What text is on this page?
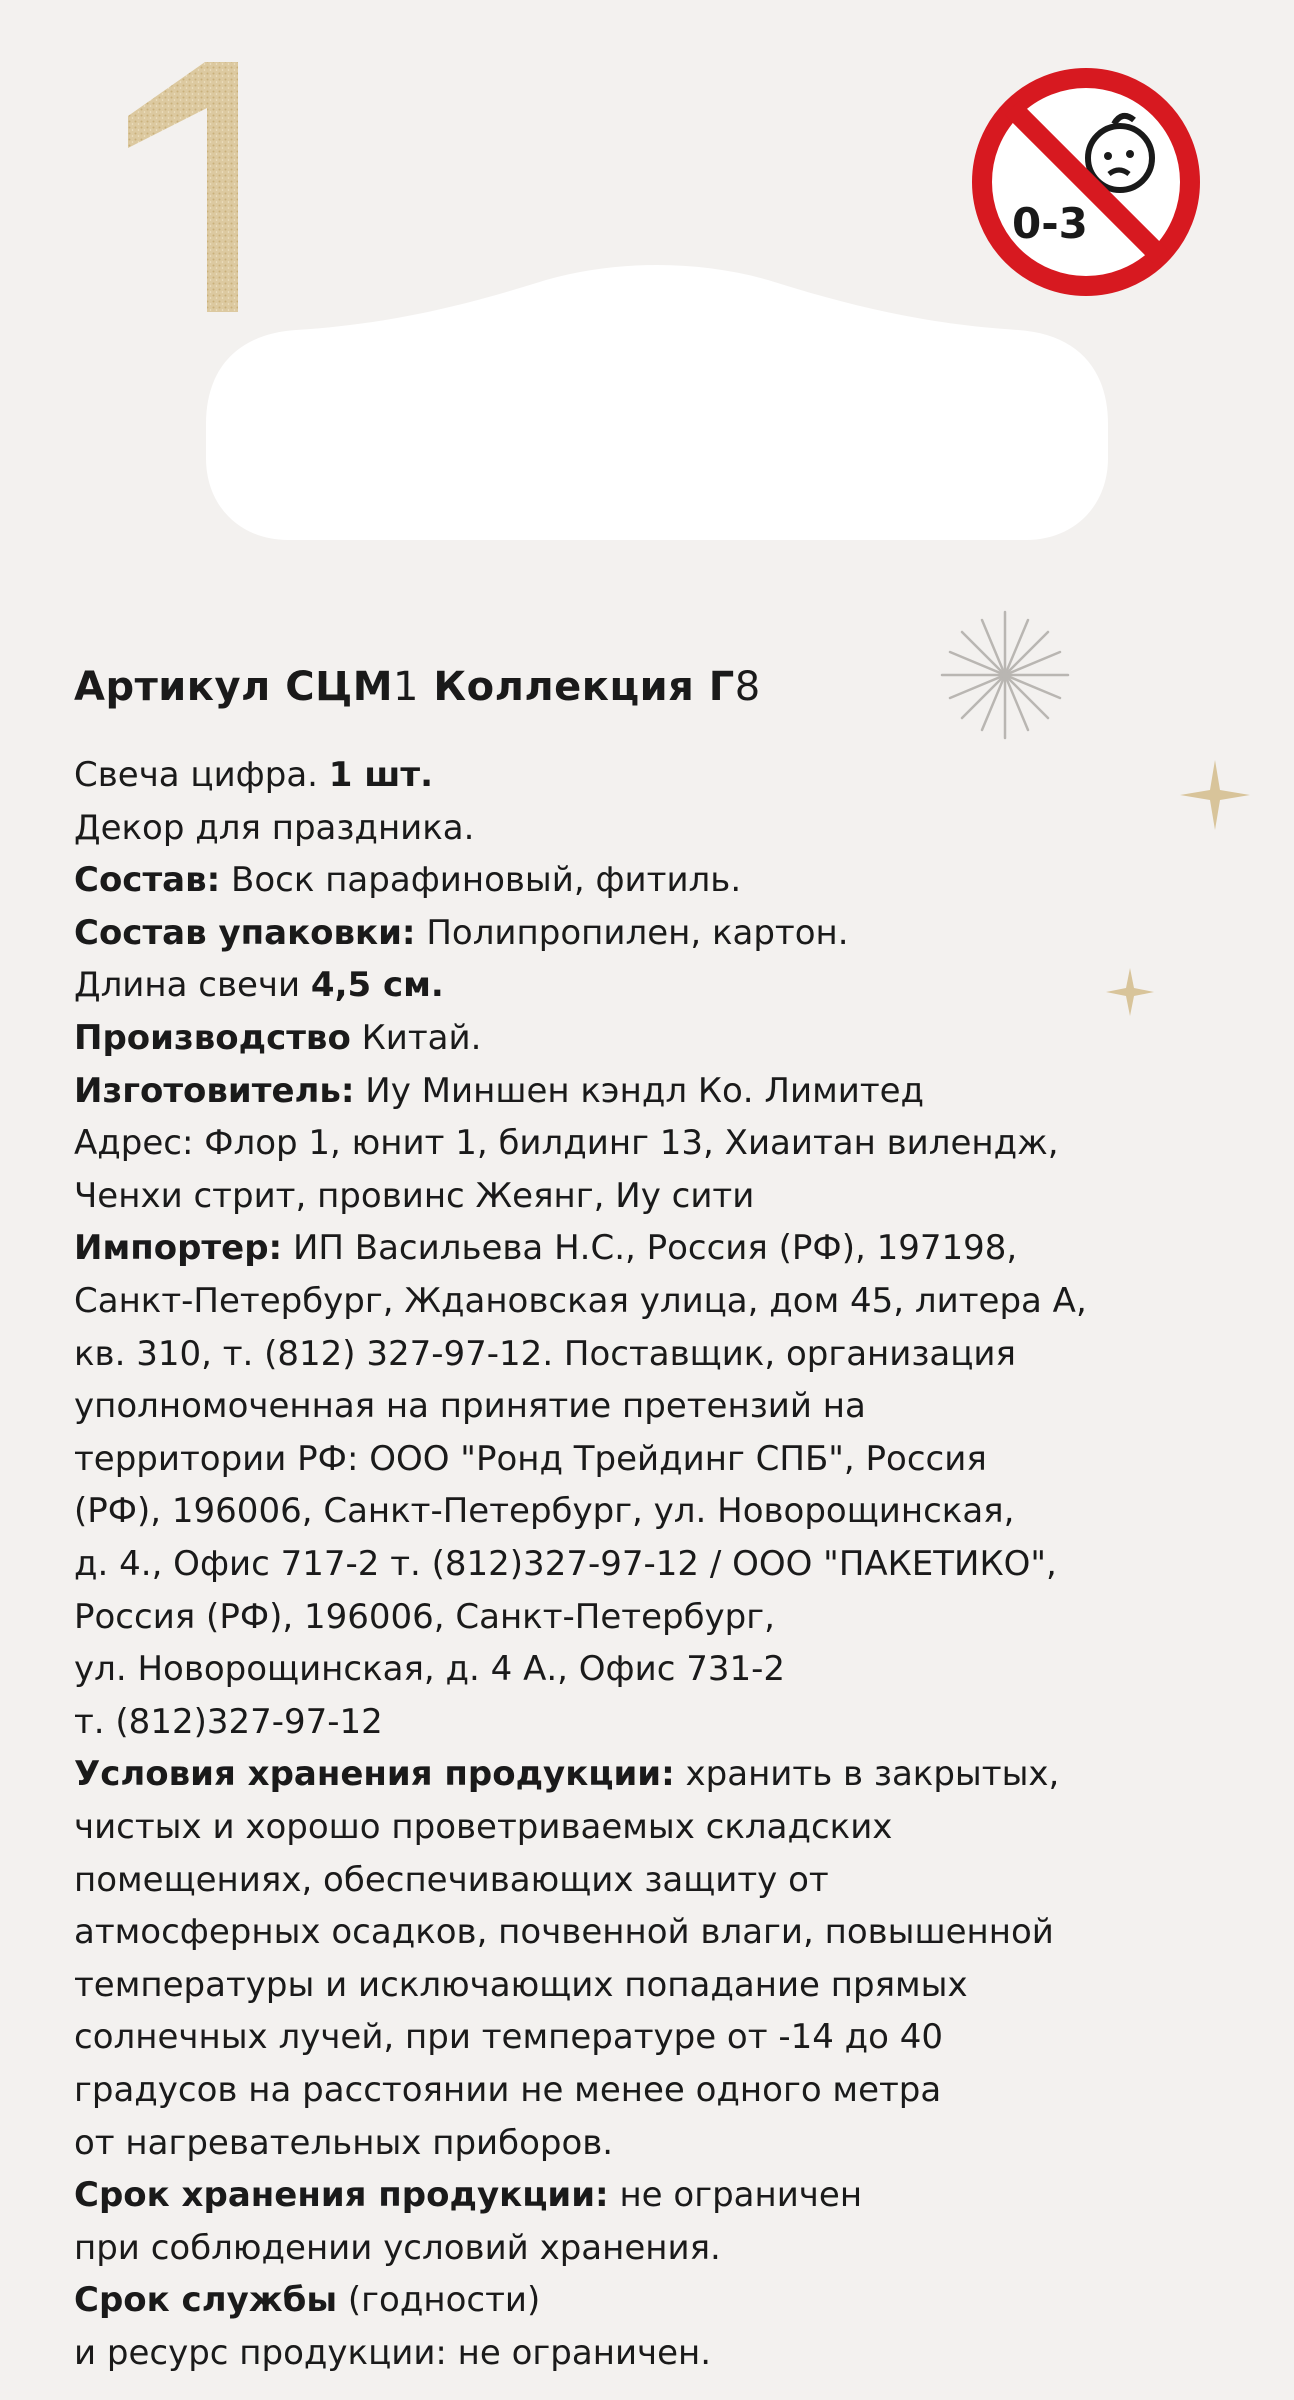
0-3
Артикул СЦМ1 Коллекция Г8
Свеча цифра. 1 шт.
Декор для праздника.
Состав: Воск парафиновый, фитиль.
Состав упаковки: Полипропилен, картон.
Длина свечи 4,5 см.
Производство Китай.
Изготовитель: Иу Миншен кэндл Ко. Лимитед
Адрес: Флор 1, юнит 1, билдинг 13, Хиаитан вилендж,
Ченхи стрит, провинс Жеянг, Иу сити
Импортер: ИП Васильева Н.С., Россия (РФ), 197198,
Санкт-Петербург, Ждановская улица, дом 45, литера А,
кв. 310, т. (812) 327-97-12. Поставщик, организация
уполномоченная на принятие претензий на
территории РФ: ООО "Ронд Трейдинг СПБ", Россия
(РФ), 196006, Санкт-Петербург, ул. Новорощинская,
д. 4., Офис 717-2 т. (812)327-97-12 / ООО "ПАКЕТИКО",
Россия (РФ), 196006, Санкт-Петербург,
ул. Новорощинская, д. 4 А., Офис 731-2
т. (812)327-97-12
Условия хранения продукции: хранить в закрытых,
чистых и хорошо проветриваемых складских
помещениях, обеспечивающих защиту от
атмосферных осадков, почвенной влаги, повышенной
температуры и исключающих попадание прямых
солнечных лучей, при температуре от -14 до 40
градусов на расстоянии не менее одного метра
от нагревательных приборов.
Срок хранения продукции: не ограничен
при соблюдении условий хранения.
Срок службы (годности)
и ресурс продукции: не ограничен.
